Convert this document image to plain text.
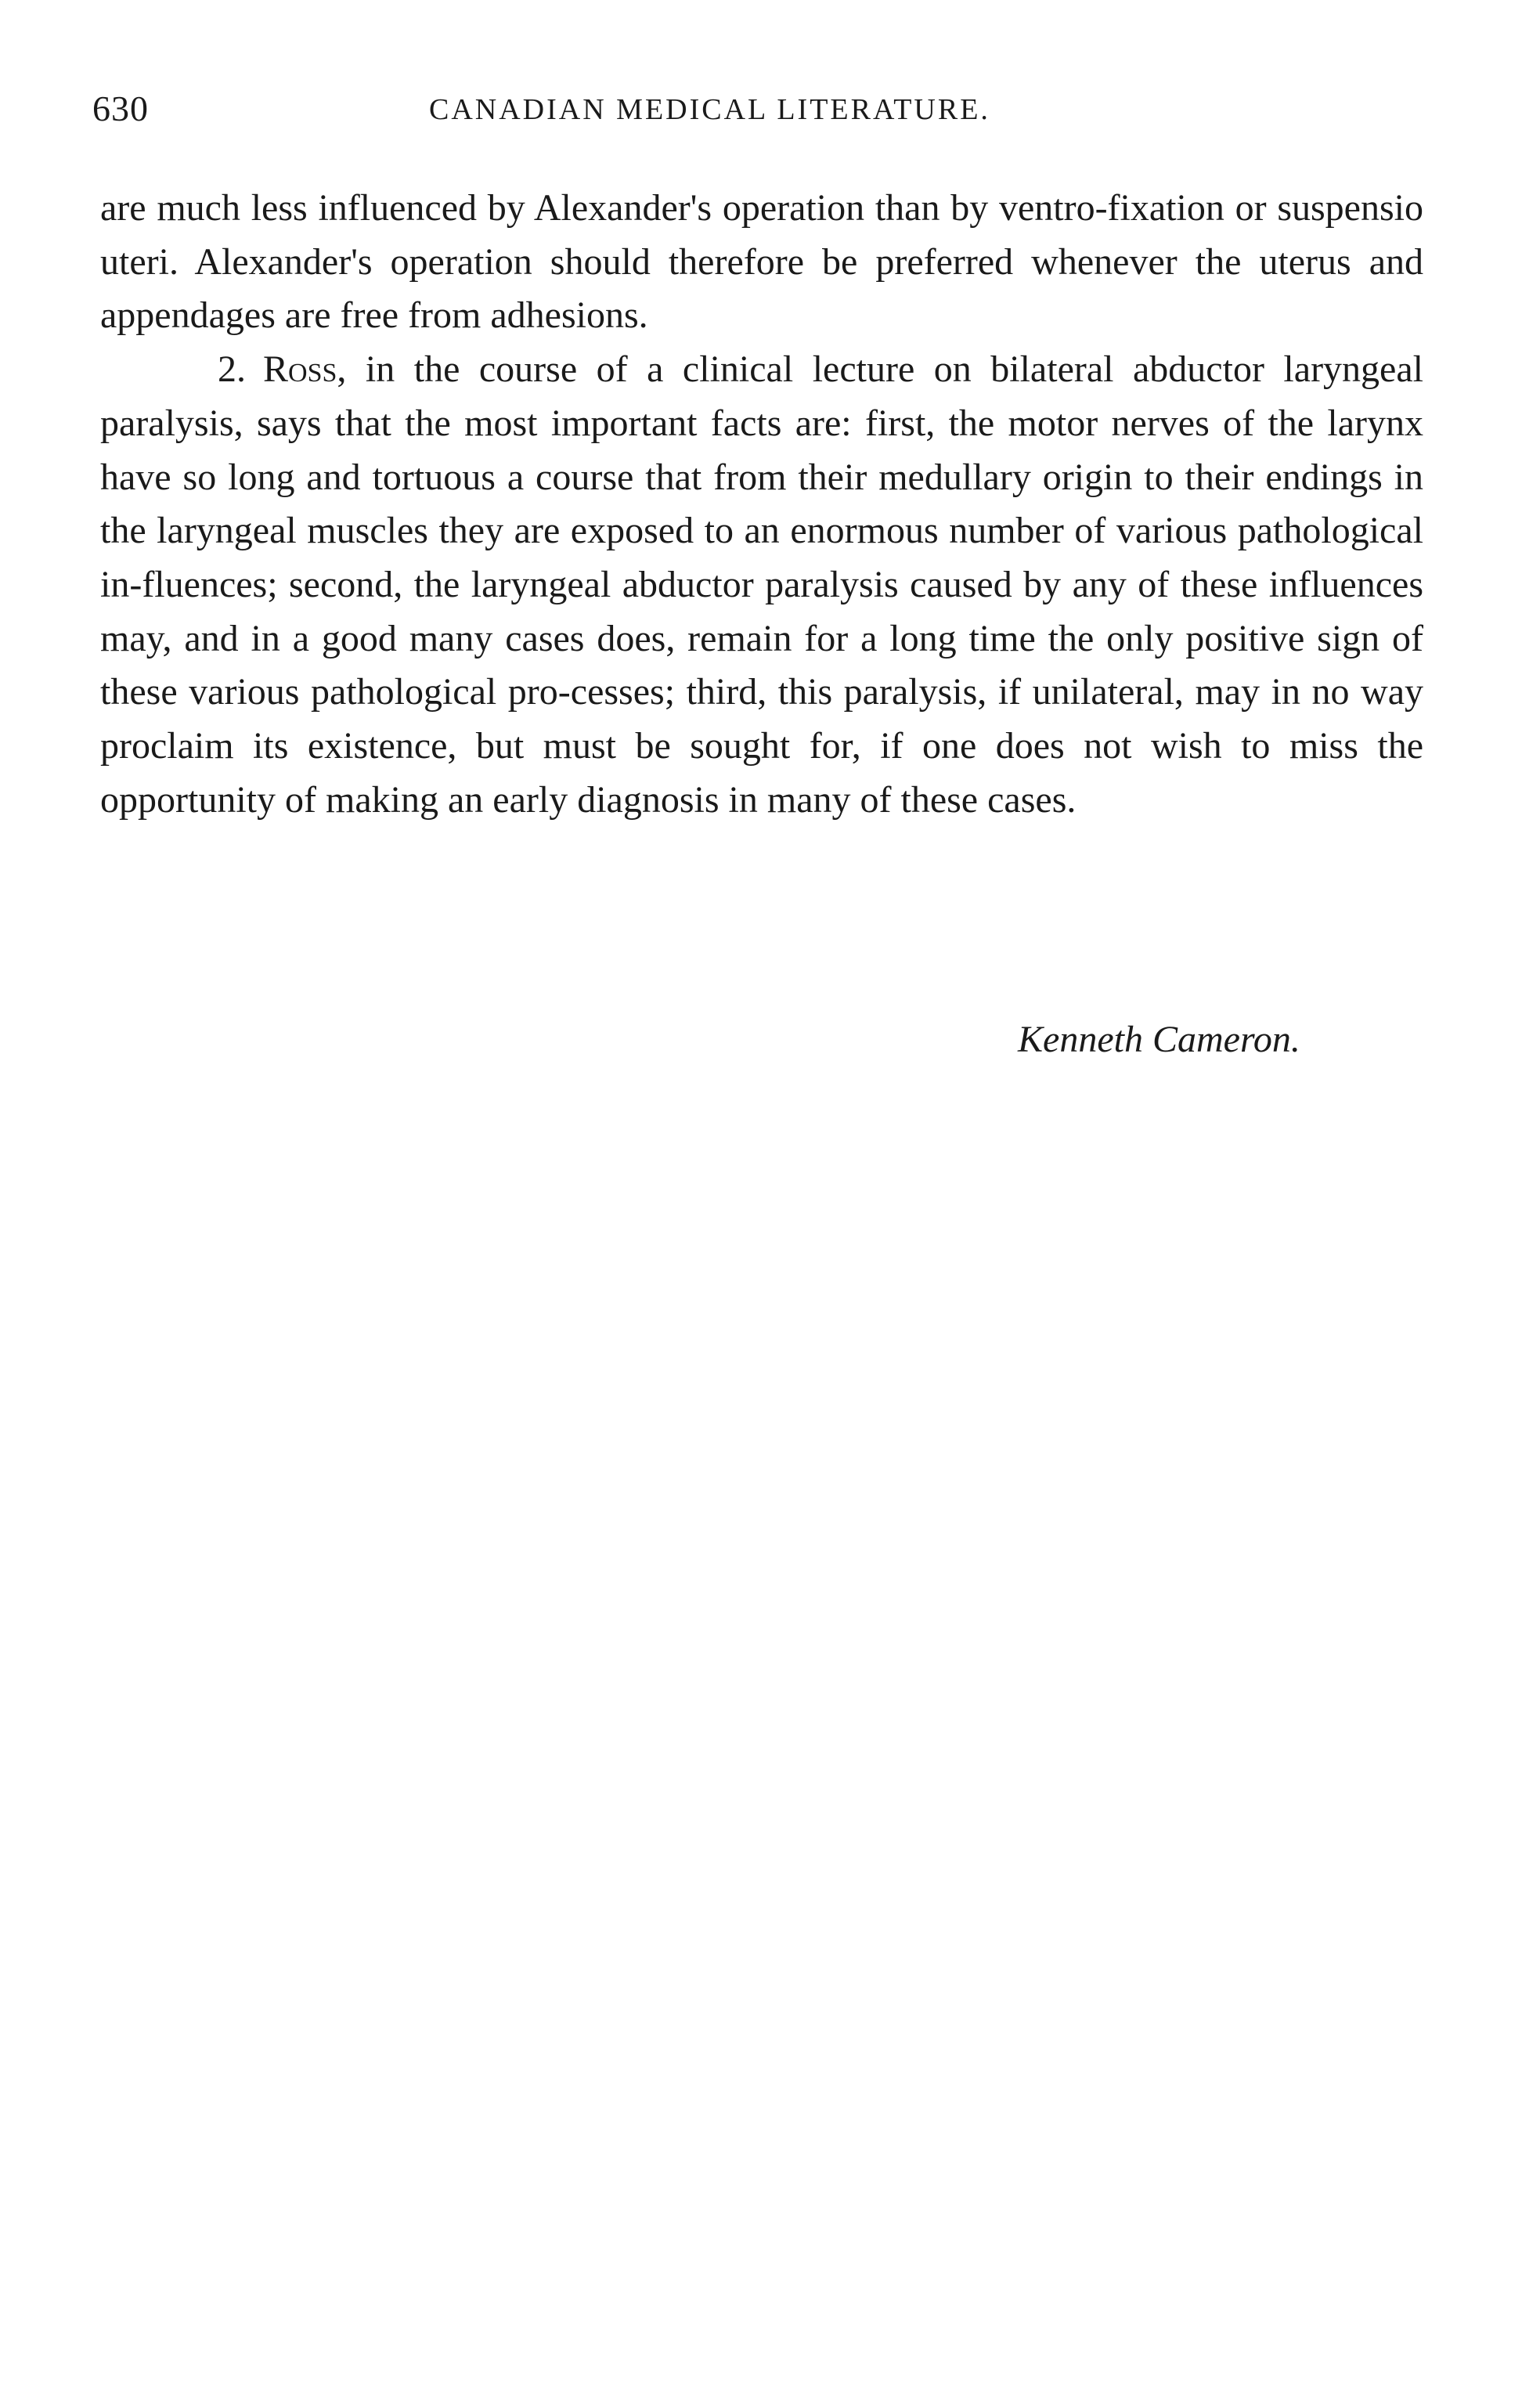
630	CANADIAN MEDICAL LITERATURE.

are much less influenced by Alexander's operation than by ventro-fixation or suspensio uteri. Alexander's operation should therefore be preferred whenever the uterus and appendages are free from adhesions.

2. Ross, in the course of a clinical lecture on bilateral abductor laryngeal paralysis, says that the most important facts are: first, the motor nerves of the larynx have so long and tortuous a course that from their medullary origin to their endings in the laryngeal muscles they are exposed to an enormous number of various pathological in-fluences; second, the laryngeal abductor paralysis caused by any of these influences may, and in a good many cases does, remain for a long time the only positive sign of these various pathological pro-cesses; third, this paralysis, if unilateral, may in no way proclaim its existence, but must be sought for, if one does not wish to miss the opportunity of making an early diagnosis in many of these cases.

Kenneth Cameron.
